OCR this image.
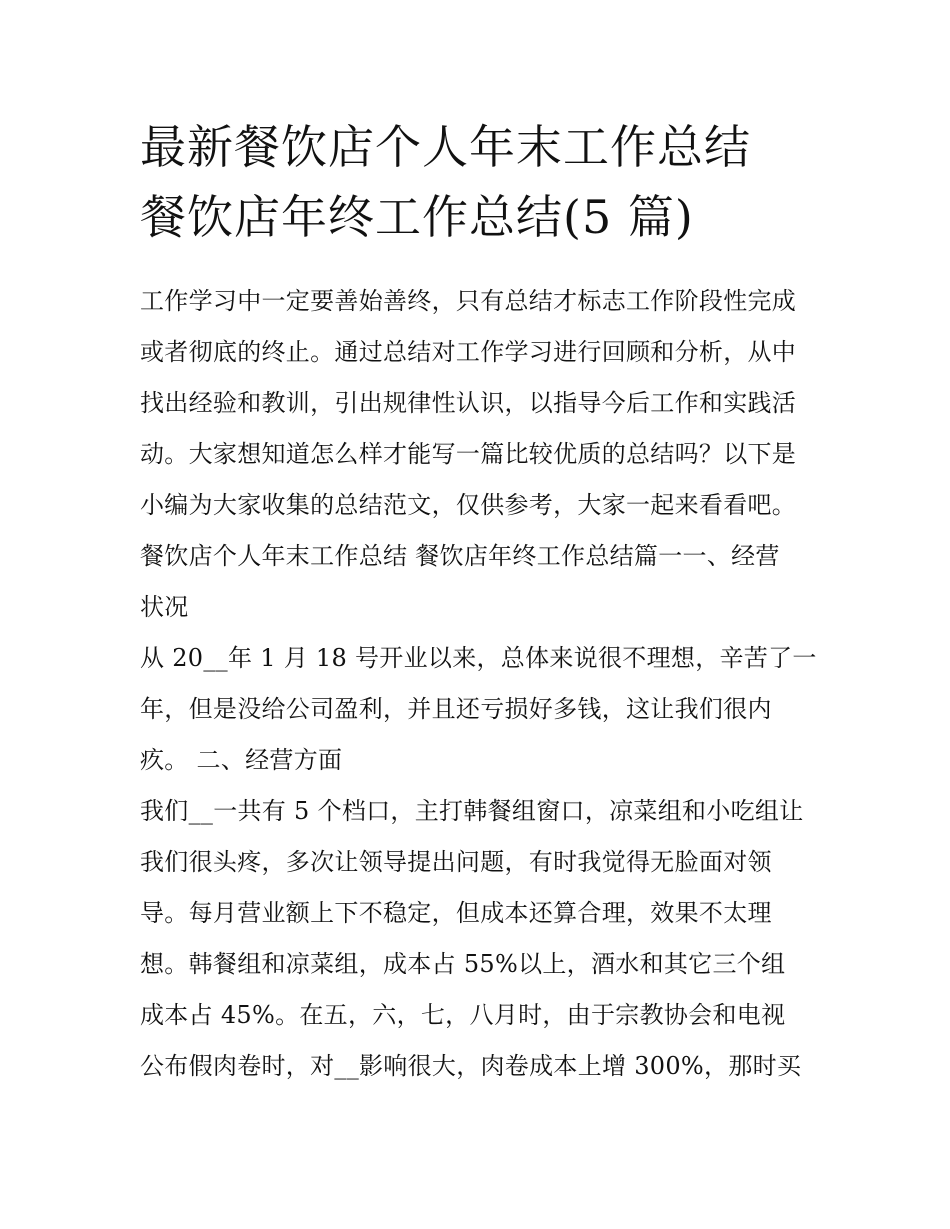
最新餐饮店个人年末工作总结
餐饮店年终工作总结(5 篇)
工作学习中一定要善始善终，只有总结才标志工作阶段性完成
或者彻底的终止。通过总结对工作学习进行回顾和分析，从中
找出经验和教训，引出规律性认识，以指导今后工作和实践活
动。大家想知道怎么样才能写一篇比较优质的总结吗？以下是
小编为大家收集的总结范文，仅供参考，大家一起来看看吧。
餐饮店个人年末工作总结 餐饮店年终工作总结篇一一、经营
状况
从 20__年 1 月 18 号开业以来，总体来说很不理想，辛苦了一
年，但是没给公司盈利，并且还亏损好多钱，这让我们很内
疚。 二、经营方面
我们__一共有 5 个档口，主打韩餐组窗口，凉菜组和小吃组让
我们很头疼，多次让领导提出问题，有时我觉得无脸面对领
导。每月营业额上下不稳定，但成本还算合理，效果不太理
想。韩餐组和凉菜组，成本占 55%以上，酒水和其它三个组
成本占 45%。在五，六，七，八月时，由于宗教协会和电视
公布假肉卷时，对__影响很大，肉卷成本上增 300%，那时买
